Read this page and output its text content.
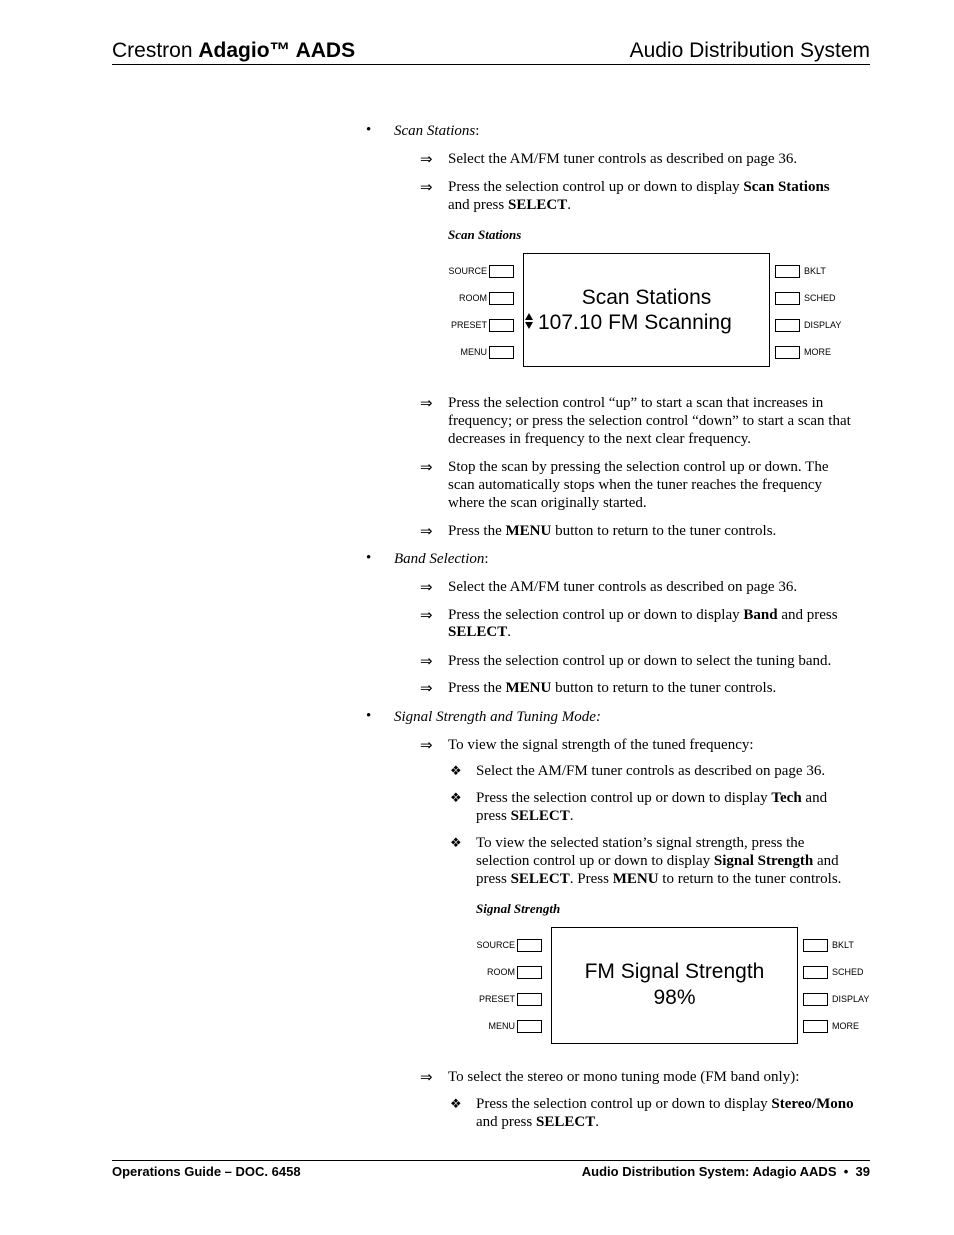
Crestron Adagio™ AADS	Audio Distribution System
• Scan Stations:
⇒ Select the AM/FM tuner controls as described on page 36.
⇒ Press the selection control up or down to display Scan Stations
and press SELECT.
Scan Stations
SOURCE
ROOM
PRESET
MENU
Scan Stations
107.10 FM Scanning
BKLT
SCHED
DISPLAY
MORE
⇒ Press the selection control “up” to start a scan that increases in
frequency; or press the selection control “down” to start a scan that
decreases in frequency to the next clear frequency.
⇒ Stop the scan by pressing the selection control up or down. The
scan automatically stops when the tuner reaches the frequency
where the scan originally started.
⇒ Press the MENU button to return to the tuner controls.
• Band Selection:
⇒ Select the AM/FM tuner controls as described on page 36.
⇒ Press the selection control up or down to display Band and press
SELECT.
⇒ Press the selection control up or down to select the tuning band.
⇒ Press the MENU button to return to the tuner controls.
• Signal Strength and Tuning Mode:
⇒ To view the signal strength of the tuned frequency:
❖ Select the AM/FM tuner controls as described on page 36.
❖ Press the selection control up or down to display Tech and
press SELECT.
❖ To view the selected station’s signal strength, press the
selection control up or down to display Signal Strength and
press SELECT. Press MENU to return to the tuner controls.
Signal Strength
SOURCE
ROOM
PRESET
MENU
FM Signal Strength
98%
BKLT
SCHED
DISPLAY
MORE
⇒ To select the stereo or mono tuning mode (FM band only):
❖ Press the selection control up or down to display Stereo/Mono
and press SELECT.
Operations Guide – DOC. 6458	Audio Distribution System: Adagio AADS • 39
